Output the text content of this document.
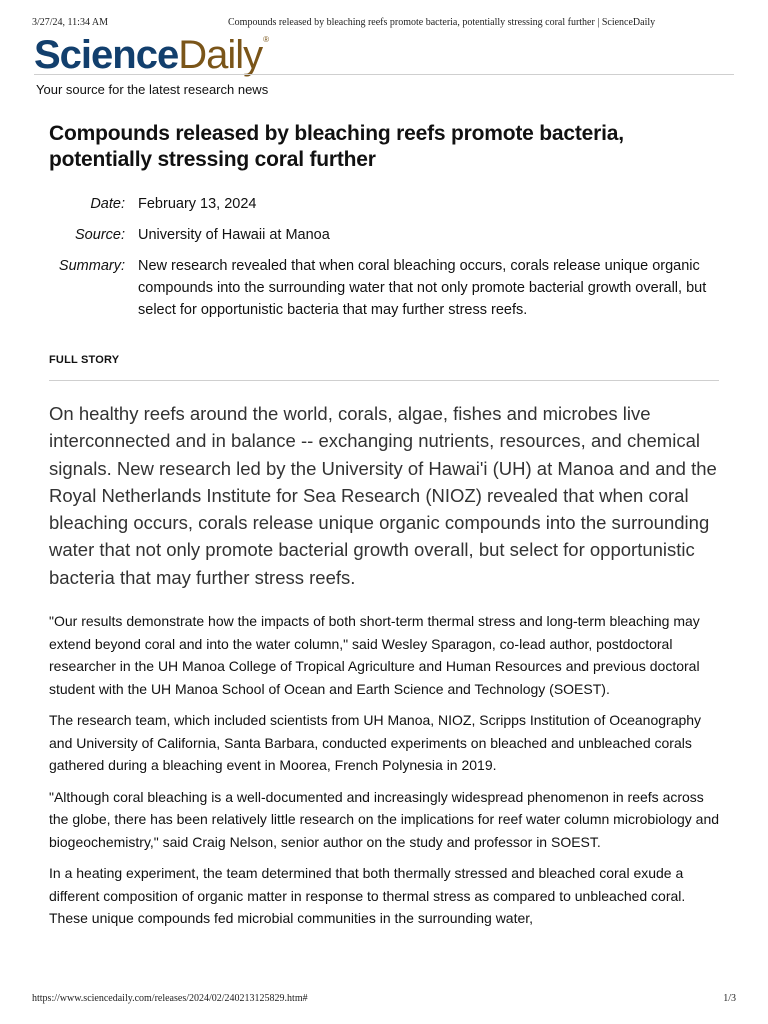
3/27/24, 11:34 AM	Compounds released by bleaching reefs promote bacteria, potentially stressing coral further | ScienceDaily
ScienceDaily®
Your source for the latest research news
Compounds released by bleaching reefs promote bacteria, potentially stressing coral further
Date: February 13, 2024
Source: University of Hawaii at Manoa
Summary: New research revealed that when coral bleaching occurs, corals release unique organic compounds into the surrounding water that not only promote bacterial growth overall, but select for opportunistic bacteria that may further stress reefs.
FULL STORY

On healthy reefs around the world, corals, algae, fishes and microbes live interconnected and in balance -- exchanging nutrients, resources, and chemical signals. New research led by the University of Hawai'i (UH) at Manoa and and the Royal Netherlands Institute for Sea Research (NIOZ) revealed that when coral bleaching occurs, corals release unique organic compounds into the surrounding water that not only promote bacterial growth overall, but select for opportunistic bacteria that may further stress reefs.

"Our results demonstrate how the impacts of both short-term thermal stress and long-term bleaching may extend beyond coral and into the water column," said Wesley Sparagon, co-lead author, postdoctoral researcher in the UH Manoa College of Tropical Agriculture and Human Resources and previous doctoral student with the UH Manoa School of Ocean and Earth Science and Technology (SOEST).

The research team, which included scientists from UH Manoa, NIOZ, Scripps Institution of Oceanography and University of California, Santa Barbara, conducted experiments on bleached and unbleached corals gathered during a bleaching event in Moorea, French Polynesia in 2019.

"Although coral bleaching is a well-documented and increasingly widespread phenomenon in reefs across the globe, there has been relatively little research on the implications for reef water column microbiology and biogeochemistry," said Craig Nelson, senior author on the study and professor in SOEST.

In a heating experiment, the team determined that both thermally stressed and bleached coral exude a different composition of organic matter in response to thermal stress as compared to unbleached coral. These unique compounds fed microbial communities in the surrounding water,

https://www.sciencedaily.com/releases/2024/02/240213125829.htm#	1/3
